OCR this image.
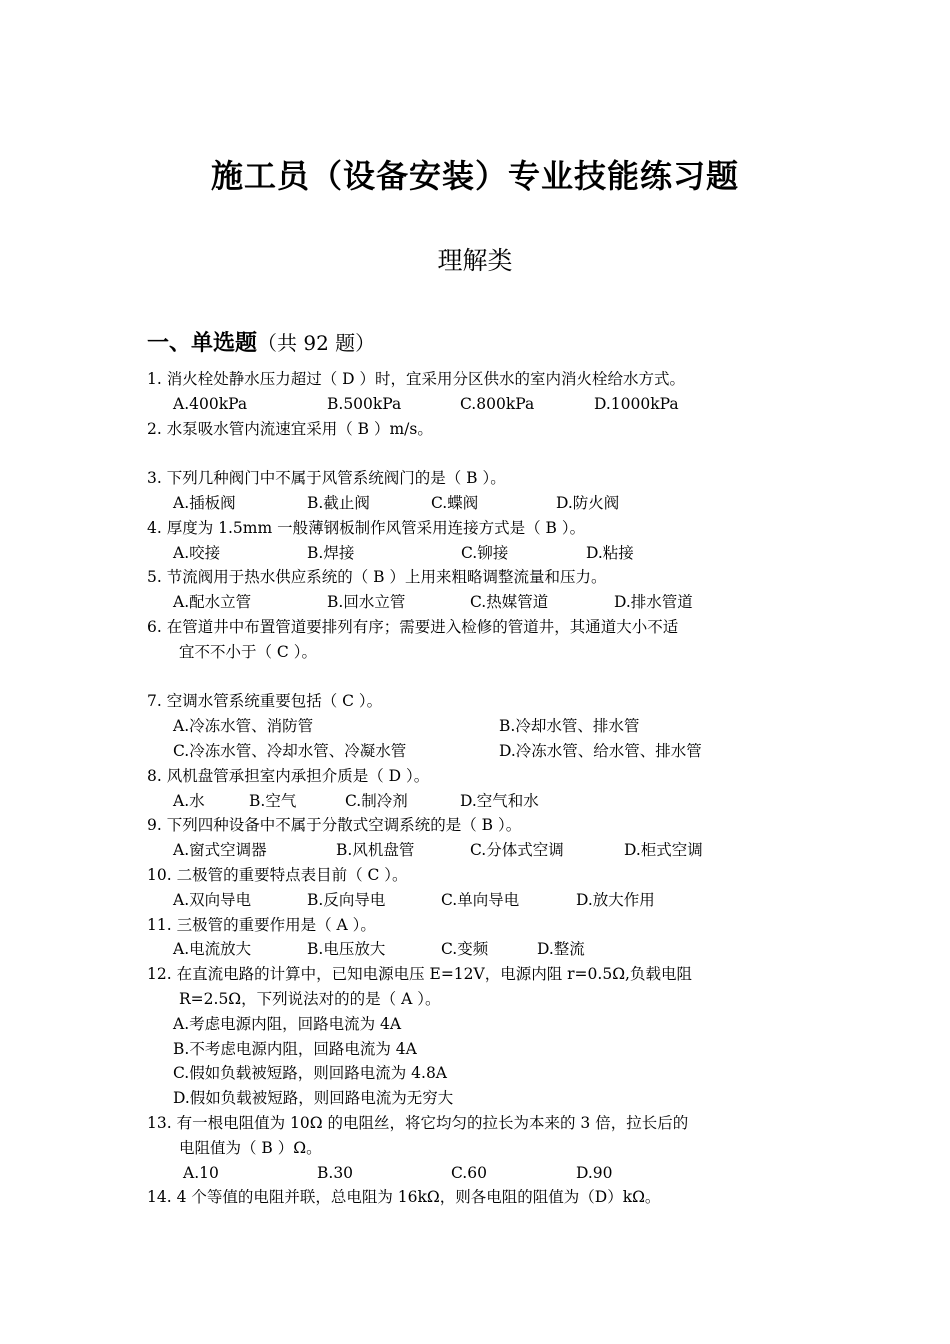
施工员（设备安装）专业技能练习题
理解类
一、单选题（共 92 题）
1. 消火栓处静水压力超过（ D ）时，宜采用分区供水的室内消火栓给水方式。
A.400kPa	B.500kPa	C.800kPa	D.1000kPa
2. 水泵吸水管内流速宜采用（ B ）m/s。
3. 下列几种阀门中不属于风管系统阀门的是（ B ）。
A.插板阀	B.截止阀	C.蝶阀	D.防火阀
4. 厚度为 1.5mm 一般薄钢板制作风管采用连接方式是（ B ）。
A.咬接	B.焊接	C.铆接	D.粘接
5. 节流阀用于热水供应系统的（ B ）上用来粗略调整流量和压力。
A.配水立管	B.回水立管	C.热媒管道	D.排水管道
6. 在管道井中布置管道要排列有序；需要进入检修的管道井，其通道大小不适
宜不不小于（ C ）。
7. 空调水管系统重要包括（ C ）。
A.冷冻水管、消防管	B.冷却水管、排水管
C.冷冻水管、冷却水管、冷凝水管	D.冷冻水管、给水管、排水管
8. 风机盘管承担室内承担介质是（ D ）。
A.水	B.空气	C.制冷剂	D.空气和水
9. 下列四种设备中不属于分散式空调系统的是（ B ）。
A.窗式空调器	B.风机盘管	C.分体式空调	D.柜式空调
10. 二极管的重要特点表目前（ C ）。
A.双向导电	B.反向导电	C.单向导电	D.放大作用
11. 三极管的重要作用是（ A ）。
A.电流放大	B.电压放大	C.变频	D.整流
12. 在直流电路的计算中，已知电源电压 E=12V，电源内阻 r=0.5Ω,负载电阻
R=2.5Ω，下列说法对的的是（ A ）。
A.考虑电源内阻，回路电流为 4A
B.不考虑电源内阻，回路电流为 4A
C.假如负载被短路，则回路电流为 4.8A
D.假如负载被短路，则回路电流为无穷大
13. 有一根电阻值为 10Ω 的电阻丝，将它均匀的拉长为本来的 3 倍，拉长后的
电阻值为（ B ）Ω。
A.10	B.30	C.60	D.90
14. 4 个等值的电阻并联，总电阻为 16kΩ，则各电阻的阻值为（D）kΩ。
